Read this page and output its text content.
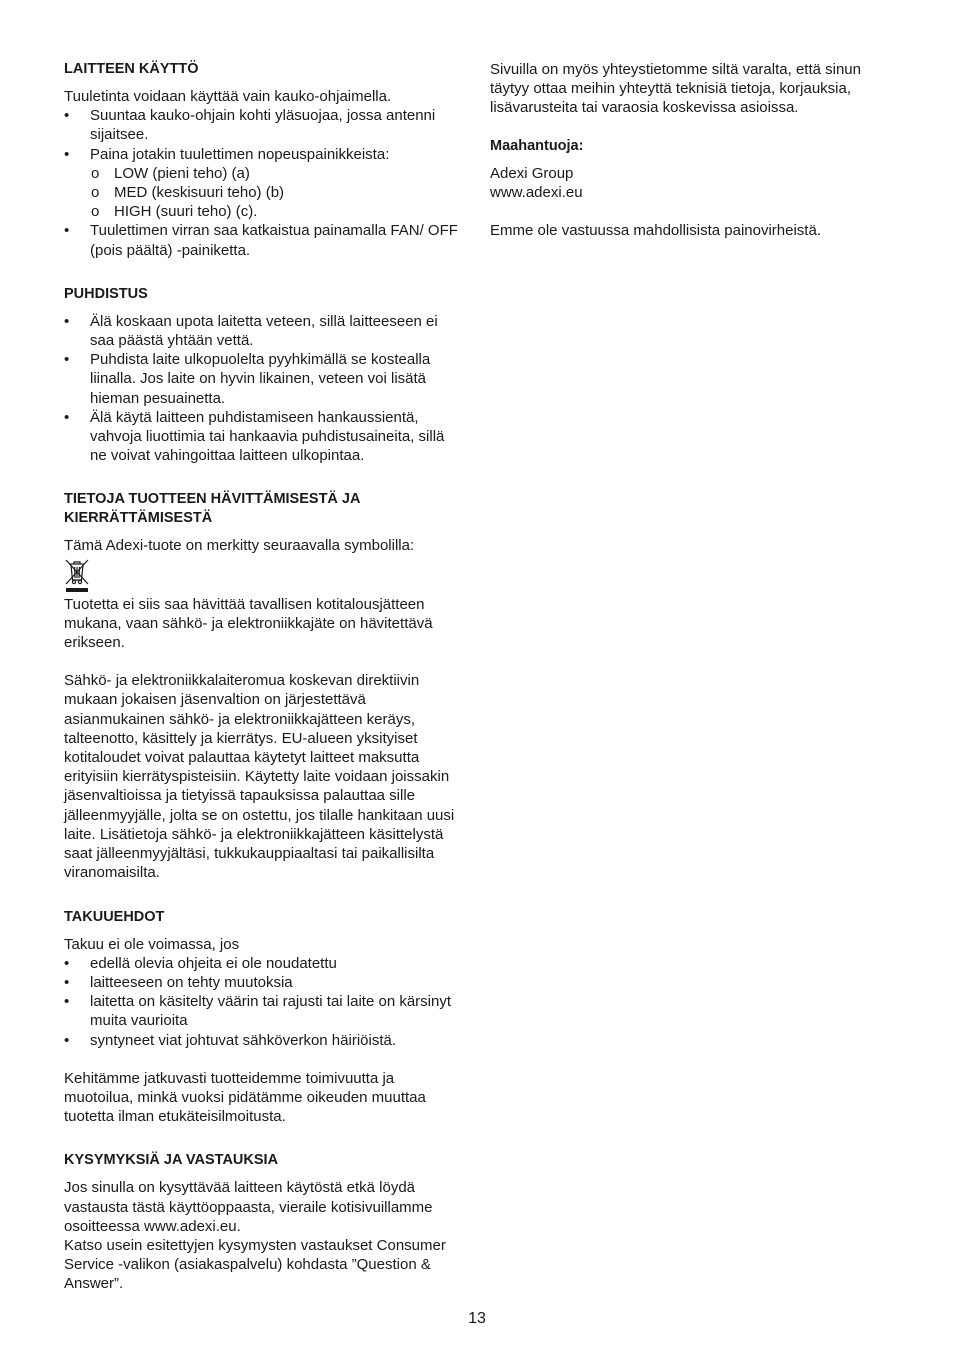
LAITTEEN KÄYTTÖ

Tuuletinta voidaan käyttää vain kauko-ohjaimella.

• Suuntaa kauko-ohjain kohti yläsuojaa, jossa antenni sijaitsee.
• Paina jotakin tuulettimen nopeuspainikkeista:
o LOW (pieni teho) (a)
o MED (keskisuuri teho) (b)
o HIGH (suuri teho) (c).
• Tuulettimen virran saa katkaistua painamalla FAN/ OFF (pois päältä) -painiketta.
PUHDISTUS
• Älä koskaan upota laitetta veteen, sillä laitteeseen ei saa päästä yhtään vettä.
• Puhdista laite ulkopuolelta pyyhkimällä se kostealla liinalla. Jos laite on hyvin likainen, veteen voi lisätä hieman pesuainetta.
• Älä käytä laitteen puhdistamiseen hankaussientä, vahvoja liuottimia tai hankaavia puhdistusaineita, sillä ne voivat vahingoittaa laitteen ulkopintaa.
TIETOJA TUOTTEEN HÄVITTÄMISESTÄ JA KIERRÄTTÄMISESTÄ

Tämä Adexi-tuote on merkitty seuraavalla symbolilla:

Tuotetta ei siis saa hävittää tavallisen kotitalousjätteen mukana, vaan sähkö- ja elektroniikkajäte on hävitettävä erikseen.

Sähkö- ja elektroniikkalaiteromua koskevan direktiivin mukaan jokaisen jäsenvaltion on järjestettävä asianmukainen sähkö- ja elektroniikkajätteen keräys, talteenotto, käsittely ja kierrätys. EU-alueen yksityiset kotitaloudet voivat palauttaa käytetyt laitteet maksutta erityisiin kierrätyspisteisiin. Käytetty laite voidaan joissakin jäsenvaltioissa ja tietyissä tapauksissa palauttaa sille jälleenmyyjälle, jolta se on ostettu, jos tilalle hankitaan uusi laite. Lisätietoja sähkö- ja elektroniikkajätteen käsittelystä saat jälleenmyyjältäsi, tukkukauppiaaltasi tai paikallisilta viranomaisilta.

TAKUUEHDOT

Takuu ei ole voimassa, jos

• edellä olevia ohjeita ei ole noudatettu
• laitteeseen on tehty muutoksia
• laitetta on käsitelty väärin tai rajusti tai laite on kärsinyt muita vaurioita
• syntyneet viat johtuvat sähköverkon häiriöistä.

Kehitämme jatkuvasti tuotteidemme toimivuutta ja muotoilua, minkä vuoksi pidätämme oikeuden muuttaa tuotetta ilman etukäteisilmoitusta.

KYSYMYKSIÄ JA VASTAUKSIA

Jos sinulla on kysyttävää laitteen käytöstä etkä löydä vastausta tästä käyttöoppaasta, vieraile kotisivuillamme osoitteessa www.adexi.eu.

Katso usein esitettyjen kysymysten vastaukset Consumer Service -valikon (asiakaspalvelu) kohdasta ”Question & Answer”.

Sivuilla on myös yhteystietomme siltä varalta, että sinun täytyy ottaa meihin yhteyttä teknisiä tietoja, korjauksia, lisävarusteita tai varaosia koskevissa asioissa.

Maahantuoja:

Adexi Group

www.adexi.eu

Emme ole vastuussa mahdollisista painovirheistä.

13
